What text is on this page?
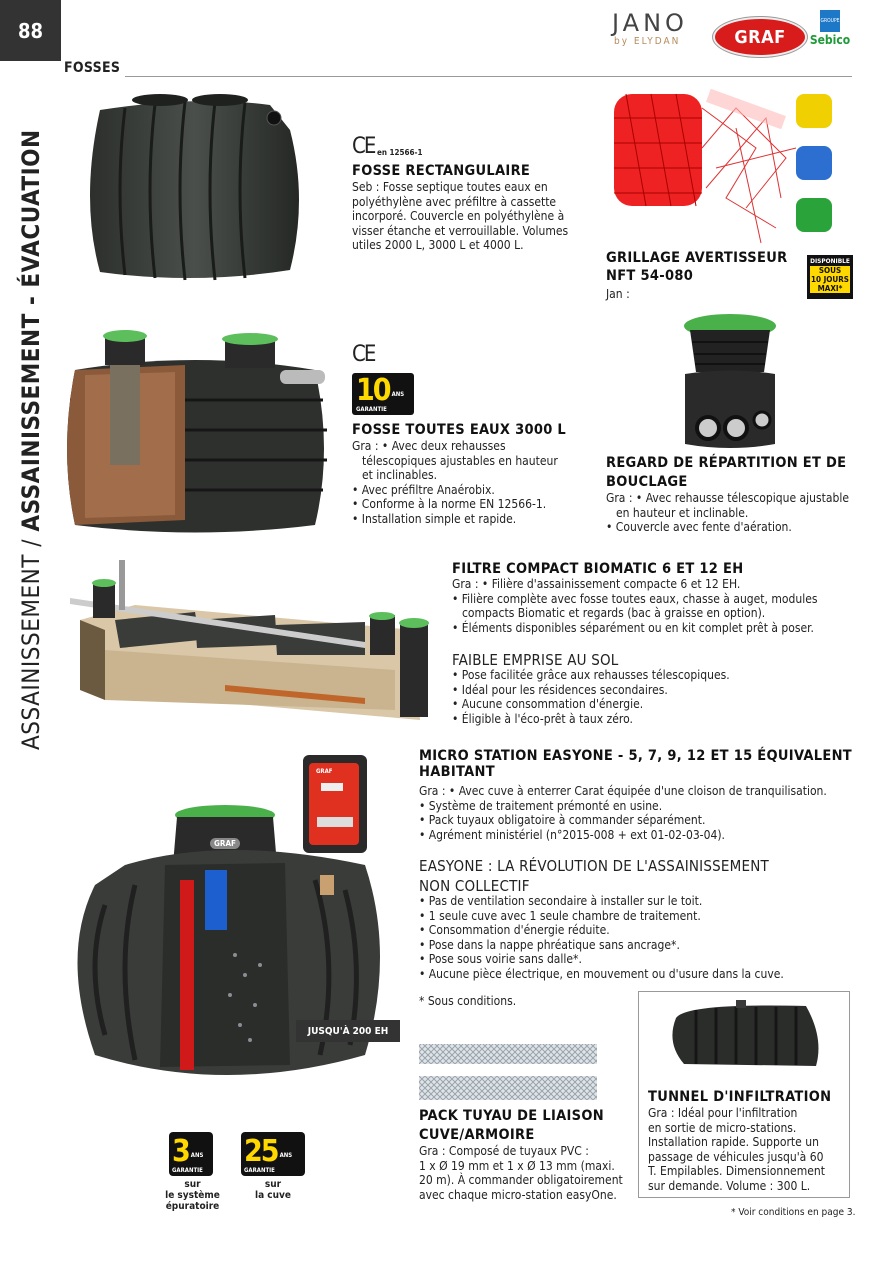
88
ASSAINISSEMENT / ASSAINISSEMENT - ÉVACUATION
FOSSES
JANO
by ELYDAN	GRAF
GROUPE
Sebico
CE en 12566-1
FOSSE RECTANGULAIRE
Seb : Fosse septique toutes eaux en polyéthylène avec préfiltre à cassette incorporé. Couvercle en polyéthylène à visser étanche et verrouillable. Volumes utiles 2000 L, 3000 L et 4000 L.
GRILLAGE AVERTISSEUR
NFT 54-080
Jan :
DISPONIBLE
SOUS
10 JOURS
MAXI*
CE
10 ANS
GARANTIE
FOSSE TOUTES EAUX 3000 L

Gra : • Avec deux rehausses

télescopiques ajustables en hauteur

et inclinables.

• Avec préfiltre Anaérobix.

• Conforme à la norme EN 12566-1.

• Installation simple et rapide.

REGARD DE RÉPARTITION ET DE
BOUCLAGE

Gra : • Avec rehausse télescopique ajustable

en hauteur et inclinable.

• Couvercle avec fente d'aération.

FILTRE COMPACT BIOMATIC 6 ET 12 EH

Gra : • Filière d'assainissement compacte 6 et 12 EH.

• Filière complète avec fosse toutes eaux, chasse à auget, modules

compacts Biomatic et regards (bac à graisse en option).

• Éléments disponibles séparément ou en kit complet prêt à poser.

FAIBLE EMPRISE AU SOL

• Pose facilitée grâce aux rehausses télescopiques.

• Idéal pour les résidences secondaires.

• Aucune consommation d'énergie.

• Éligible à l'éco-prêt à taux zéro.

GRAF
GRAF
JUSQU'À 200 EH
MICRO STATION EASYONE - 5, 7, 9, 12 ET 15 ÉQUIVALENT
HABITANT

Gra : • Avec cuve à enterrer Carat équipée d'une cloison de tranquilisation.

• Système de traitement prémonté en usine.

• Pack tuyaux obligatoire à commander séparément.

• Agrément ministériel (n°2015-008 + ext 01-02-03-04).

EASYONE : LA RÉVOLUTION DE L'ASSAINISSEMENT
NON COLLECTIF

• Pas de ventilation secondaire à installer sur le toit.

• 1 seule cuve avec 1 seule chambre de traitement.

• Consommation d'énergie réduite.

• Pose dans la nappe phréatique sans ancrage*.

• Pose sous voirie sans dalle*.

• Aucune pièce électrique, en mouvement ou d'usure dans la cuve.

* Sous conditions.
3 ANS
GARANTIE
sur
le système épuratoire
25 ANS
GARANTIE
sur
la cuve
PACK TUYAU DE LIAISON
CUVE/ARMOIRE

Gra : Composé de tuyaux PVC :

1 x Ø 19 mm et 1 x Ø 13 mm (maxi.

20 m). À commander obligatoirement

avec chaque micro-station easyOne.

TUNNEL D'INFILTRATION

Gra : Idéal pour l'infiltration

en sortie de micro-stations.

Installation rapide. Supporte un

passage de véhicules jusqu'à 60

T. Empilables. Dimensionnement

sur demande. Volume : 300 L.

* Voir conditions en page 3.
